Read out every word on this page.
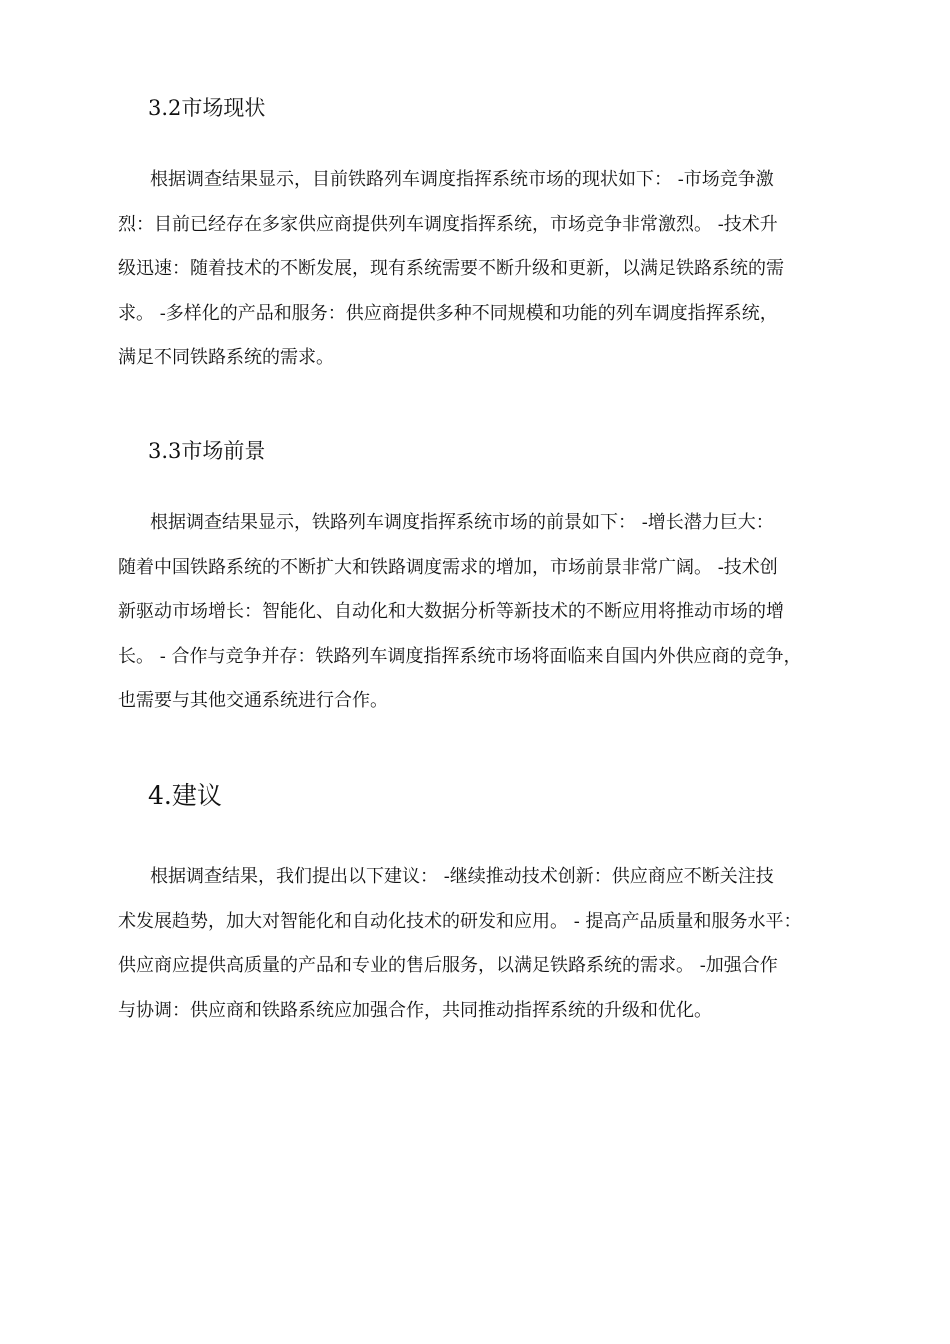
3.2市场现状
根据调查结果显示，目前铁路列车调度指挥系统市场的现状如下： -市场竞争激
烈：目前已经存在多家供应商提供列车调度指挥系统，市场竞争非常激烈。 -技术升
级迅速：随着技术的不断发展，现有系统需要不断升级和更新，以满足铁路系统的需
求。 -多样化的产品和服务：供应商提供多种不同规模和功能的列车调度指挥系统，
满足不同铁路系统的需求。
3.3市场前景
根据调查结果显示，铁路列车调度指挥系统市场的前景如下： -增长潜力巨大：
随着中国铁路系统的不断扩大和铁路调度需求的增加，市场前景非常广阔。 -技术创
新驱动市场增长：智能化、自动化和大数据分析等新技术的不断应用将推动市场的增
长。 - 合作与竞争并存：铁路列车调度指挥系统市场将面临来自国内外供应商的竞争，
也需要与其他交通系统进行合作。
4.建议
根据调查结果，我们提出以下建议： -继续推动技术创新：供应商应不断关注技
术发展趋势，加大对智能化和自动化技术的研发和应用。 - 提高产品质量和服务水平：
供应商应提供高质量的产品和专业的售后服务，以满足铁路系统的需求。 -加强合作
与协调：供应商和铁路系统应加强合作，共同推动指挥系统的升级和优化。
